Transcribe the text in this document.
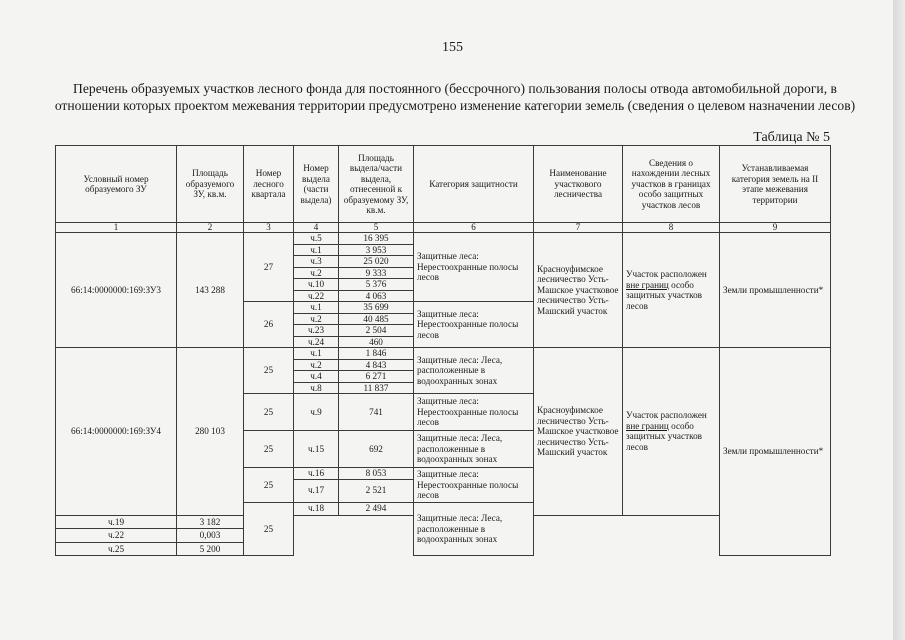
155
Перечень образуемых участков лесного фонда для постоянного (бессрочного) пользования полосы отвода автомобильной дороги, в отношении которых проектом межевания территории предусмотрено изменение категории земель (сведения о целевом назначении лесов)
Таблица № 5
Условный номер образуемого ЗУ	Площадь образуемого ЗУ, кв.м.	Номер лесного квартала	Номер выдела (части выдела)	Площадь выдела/части выдела, отнесенной к образуемому ЗУ, кв.м.	Категория защитности	Наименование участкового лесничества	Сведения о нахождении лесных участков в границах особо защитных участков лесов	Устанавливаемая категория земель на II этапе межевания территории	
1	2	3	4	5	6	7	8	9	
66:14:0000000:169:ЗУ3	143 288	27	ч.5	16 395	Защитные леса: Нерестоохранные полосы лесов	Красноуфимское лесничество Усть-Машское участковое лесничество Усть-Машский участок	Участок расположен вне границ особо защитных участков лесов	Земли промышленности*	
			ч.1	3 953					
			ч.3	25 020					
			ч.2	9 333					
			ч.10	5 376					
			ч.22	4 063					
		26	ч.1	35 699	Защитные леса: Нерестоохранные полосы лесов				
			ч.2	40 485					
			ч.23	2 504					
			ч.24	460					
66:14:0000000:169:ЗУ4	280 103	25	ч.1	1 846	Защитные леса: Леса, расположенные в водоохранных зонах	Красноуфимское лесничество Усть-Машское участковое лесничество Усть-Машский участок	Участок расположен вне границ особо защитных участков лесов	Земли промышленности*	
			ч.2	4 843					
			ч.4	6 271					
			ч.8	11 837					
		25	ч.9	741	Защитные леса: Нерестоохранные полосы лесов				

		25	ч.15	692	Защитные леса: Леса, расположенные в водоохранных зонах				
		25	ч.16	8 053	Защитные леса: Нерестоохранные полосы лесов				
			ч.17	2 521					

		25	ч.18	2 494	Защитные леса: Леса, расположенные в водоохранных зонах		
ч.19	3 182								
ч.22	0,003								
ч.25	5 200								
